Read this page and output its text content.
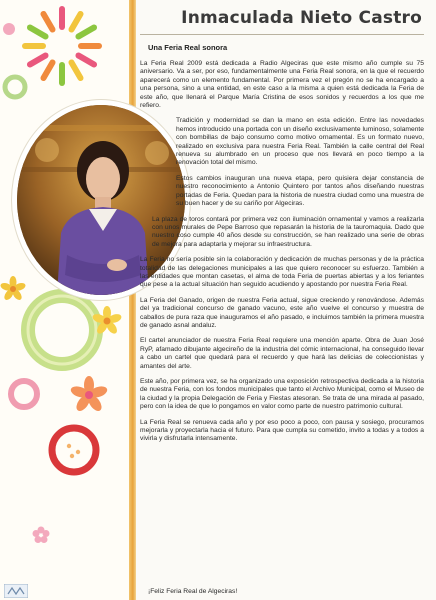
Inmaculada Nieto Castro
Una Feria Real sonora

La Feria Real 2009 está dedicada a Radio Algeciras que este mismo año cumple su 75 aniversario. Va a ser, por eso, fundamentalmente una Feria Real sonora, en la que el recuerdo aparecerá como un elemento fundamental. Por primera vez el pregón no se ha encargado a una persona, sino a una entidad, en este caso a la misma a quien está dedicada la Feria de este año, que llenará el Parque María Cristina de esos sonidos y recuerdos a los que me refiero.

Tradición y modernidad se dan la mano en esta edición. Entre las novedades hemos introducido una portada con un diseño exclusivamente luminoso, solamente con bombillas de bajo consumo como motivo ornamental. Es un formato nuevo, realizado en exclusiva para nuestra Feria Real. También la calle central del Real renueva su alumbrado en un proceso que nos llevará en poco tiempo a la renovación total del mismo.

Estos cambios inauguran una nueva etapa, pero quisiera dejar constancia de nuestro reconocimiento a Antonio Quintero por tantos años diseñando nuestras portadas de Feria. Quedan para la historia de nuestra ciudad como una muestra de su buen hacer y de su cariño por Algeciras.

La plaza de toros contará por primera vez con iluminación ornamental y vamos a realizarla con unos murales de Pepe Barroso que repasarán la historia de la tauromaquia. Dado que nuestro coso cumple 40 años desde su construcción, se han realizado una serie de obras de mejora para adaptarla y mejorar su infraestructura.

La Feria no sería posible sin la colaboración y dedicación de muchas personas y de la práctica totalidad de las delegaciones municipales a las que quiero reconocer su esfuerzo. También a las entidades que montan casetas, el alma de toda Feria de puertas abiertas y a los feriantes que pese a la actual situación han seguido acudiendo y apostando por nuestra Feria Real.

La Feria del Ganado, origen de nuestra Feria actual, sigue creciendo y renovándose. Además del ya tradicional concurso de ganado vacuno, este año vuelve el concurso y muestra de caballos de pura raza que inauguramos el año pasado, e incluimos también la primera muestra de ganado asnal andaluz.

El cartel anunciador de nuestra Feria Real requiere una mención aparte. Obra de Juan José RyP, afamado dibujante algecireño de la industria del cómic internacional, ha conseguido llevar a cabo un cartel que quedará para el recuerdo y que hará las delicias de coleccionistas y amantes del arte.

Este año, por primera vez, se ha organizado una exposición retrospectiva dedicada a la historia de nuestra Feria, con los fondos municipales que tanto el Archivo Municipal, como el Museo de la ciudad y la propia Delegación de Feria y Fiestas atesoran. Se trata de una mirada al pasado, pero con la idea de que lo pongamos en valor como parte de nuestro patrimonio cultural.

La Feria Real se renueva cada año y por eso poco a poco, con pausa y sosiego, procuramos mejorarla y proyectarla hacia el futuro. Para que cumpla su cometido, invito a todas y a todos a vivirla y disfrutarla intensamente.

¡Feliz Feria Real de Algeciras!
